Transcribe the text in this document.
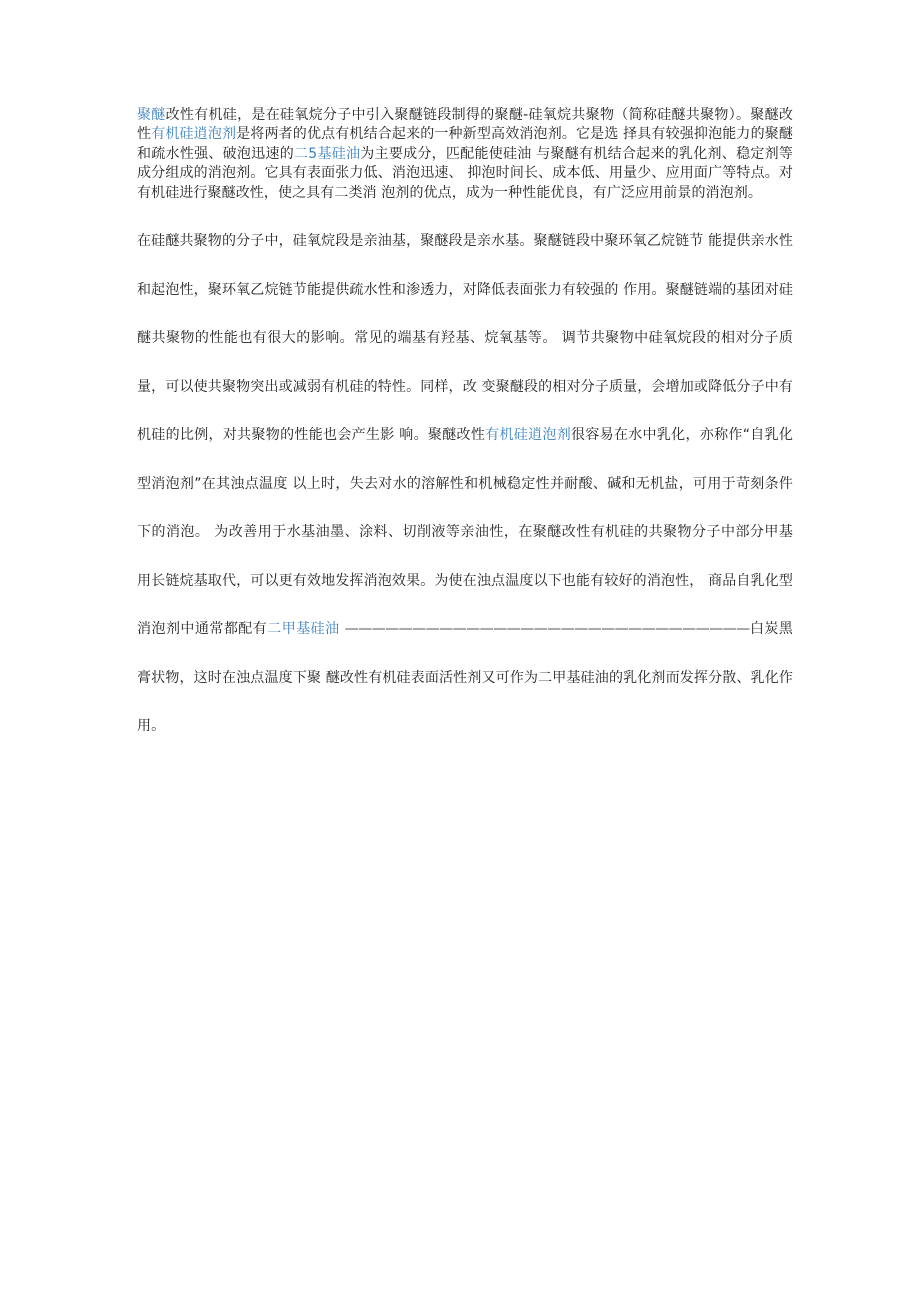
聚醚改性有机硅，是在硅氧烷分子中引入聚醚链段制得的聚醚-硅氧烷共聚物（简称硅醚共聚物）。聚醚改性有机硅逍泡剂是将两者的优点有机结合起来的一种新型高效消泡剂。它是选 择具有较强抑泡能力的聚醚和疏水性强、破泡迅速的二5基硅油为主要成分，匹配能使硅油 与聚醚有机结合起来的乳化剂、稳定剂等成分组成的消泡剂。它具有表面张力低、消泡迅速、 抑泡时间长、成本低、用量少、应用面广等特点。对有机硅进行聚醚改性，使之具有二类消 泡剂的优点，成为一种性能优良，有广泛应用前景的消泡剂。

在硅醚共聚物的分子中，硅氧烷段是亲油基，聚醚段是亲水基。聚醚链段中聚环氧乙烷链节 能提供亲水性和起泡性，聚环氧乙烷链节能提供疏水性和渗透力，对降低表面张力有较强的 作用。聚醚链端的基团对硅醚共聚物的性能也有很大的影响。常见的端基有羟基、烷氧基等。 调节共聚物中硅氧烷段的相对分子质量，可以使共聚物突出或减弱有机硅的特性。同样，改 变聚醚段的相对分子质量，会增加或降低分子中有机硅的比例，对共聚物的性能也会产生影 响。聚醚改性有机硅逍泡剂很容易在水中乳化，亦称作“自乳化型消泡剂”在其浊点温度 以上时，失去对水的溶解性和机械稳定性并耐酸、碱和无机盐，可用于苛刻条件下的消泡。 为改善用于水基油墨、涂料、切削液等亲油性，在聚醚改性有机硅的共聚物分子中部分甲基 用长链烷基取代，可以更有效地发挥消泡效果。为使在浊点温度以下也能有较好的消泡性， 商品自乳化型消泡剂中通常都配有二甲基硅油 ——————————————————————————————白炭黑膏状物，这时在浊点温度下聚 醚改性有机硅表面活性剂又可作为二甲基硅油的乳化剂而发挥分散、乳化作用。
